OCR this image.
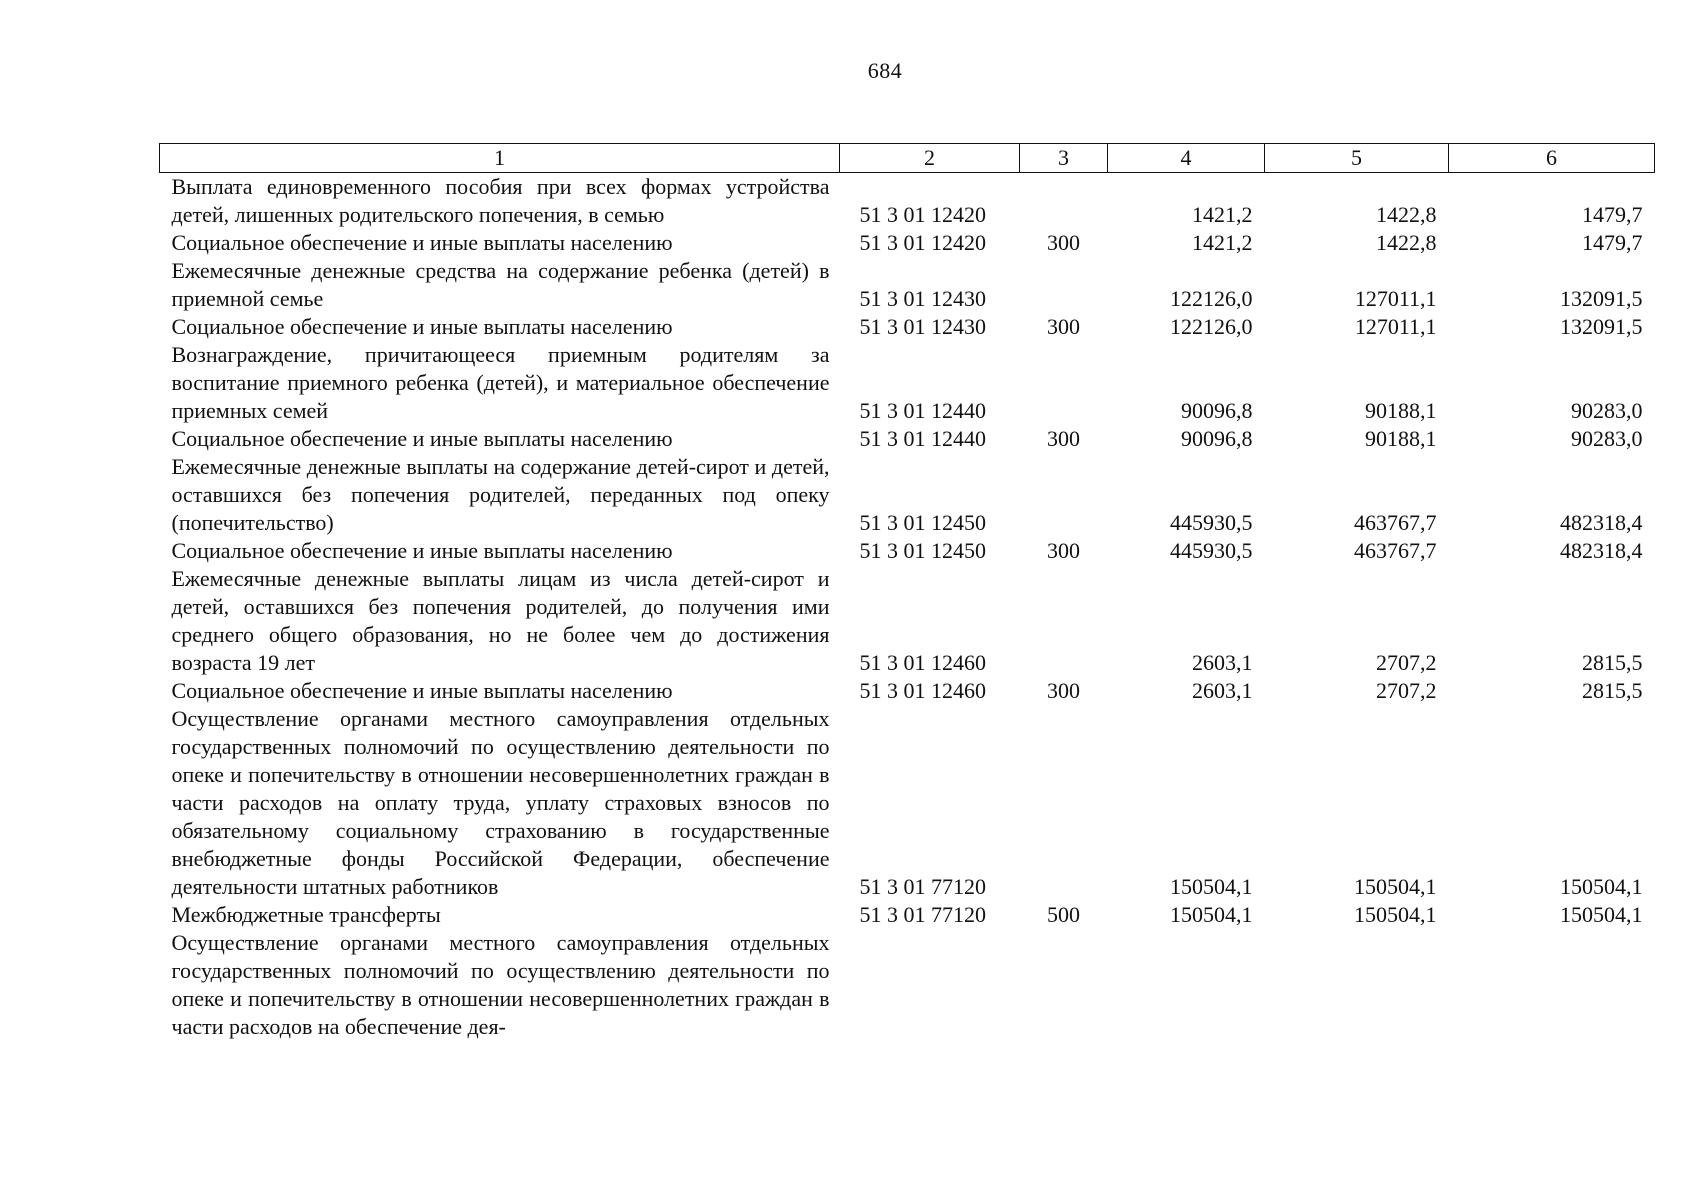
684
1	2	3	4	5	6
Выплата единовременного пособия при всех формах устройства детей, лишенных родительского попечения, в семью	51 3 01 12420		1421,2	1422,8	1479,7
Социальное обеспечение и иные выплаты населению	51 3 01 12420	300	1421,2	1422,8	1479,7
Ежемесячные денежные средства на содержание ребенка (детей) в приемной семье	51 3 01 12430		122126,0	127011,1	132091,5
Социальное обеспечение и иные выплаты населению	51 3 01 12430	300	122126,0	127011,1	132091,5
Вознаграждение, причитающееся приемным родителям за воспитание приемного ребенка (детей), и материальное обеспечение приемных семей	51 3 01 12440		90096,8	90188,1	90283,0
Социальное обеспечение и иные выплаты населению	51 3 01 12440	300	90096,8	90188,1	90283,0
Ежемесячные денежные выплаты на содержание детей-сирот и детей, оставшихся без попечения родителей, переданных под опеку (попечительство)	51 3 01 12450		445930,5	463767,7	482318,4
Социальное обеспечение и иные выплаты населению	51 3 01 12450	300	445930,5	463767,7	482318,4
Ежемесячные денежные выплаты лицам из числа детей-сирот и детей, оставшихся без попечения родителей, до получения ими среднего общего образования, но не более чем до достижения возраста 19 лет	51 3 01 12460		2603,1	2707,2	2815,5
Социальное обеспечение и иные выплаты населению	51 3 01 12460	300	2603,1	2707,2	2815,5
Осуществление органами местного самоуправления отдельных государственных полномочий по осуществлению деятельности по опеке и попечительству в отношении несовершеннолетних граждан в части расходов на оплату труда, уплату страховых взносов по обязательному социальному страхованию в государственные внебюджетные фонды Российской Федерации, обеспечение деятельности штатных работников	51 3 01 77120		150504,1	150504,1	150504,1
Межбюджетные трансферты	51 3 01 77120	500	150504,1	150504,1	150504,1
Осуществление органами местного самоуправления отдельных государственных полномочий по осуществлению деятельности по опеке и попечительству в отношении несовершеннолетних граждан в части расходов на обеспечение дея-					
